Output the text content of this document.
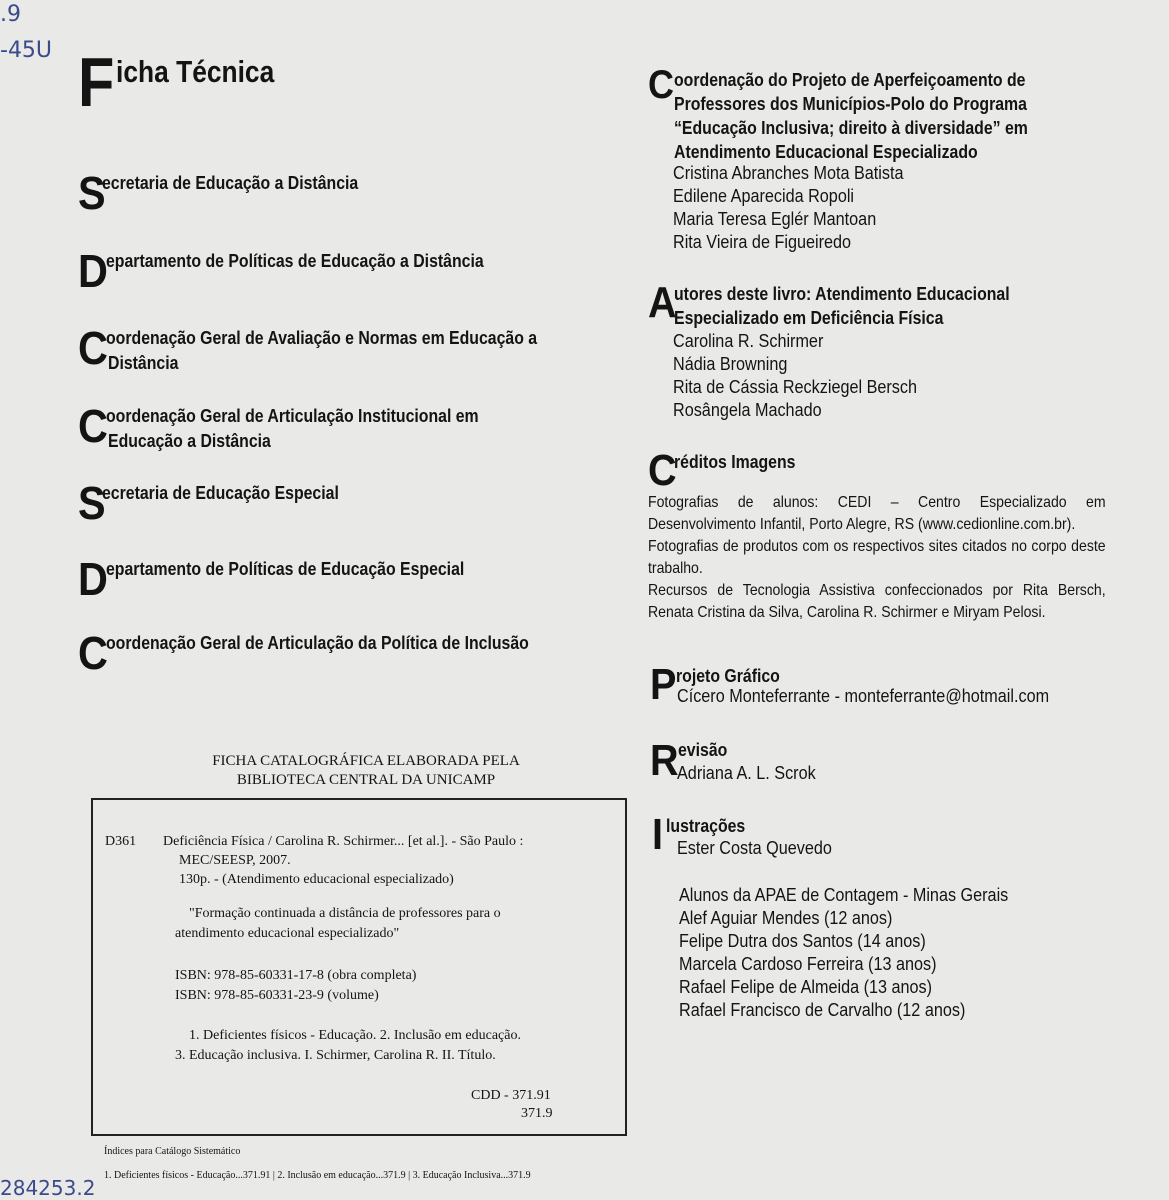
.9
-45U
284253.2
Ficha Técnica
S
ecretaria de Educação a Distância
D
epartamento de Políticas de Educação a Distância
C
oordenação Geral de Avaliação e Normas em Educação a
Distância
C
oordenação Geral de Articulação Institucional em
Educação a Distância
S
ecretaria de Educação Especial
D
epartamento de Políticas de Educação Especial
C
oordenação Geral de Articulação da Política de Inclusão
FICHA CATALOGRÁFICA ELABORADA PELA
BIBLIOTECA CENTRAL DA UNICAMP
D361 Deficiência Física / Carolina R. Schirmer... [et al.]. - São Paulo :
MEC/SEESP, 2007.
130p. - (Atendimento educacional especializado)
"Formação continuada a distância de professores para o
atendimento educacional especializado"
ISBN: 978-85-60331-17-8 (obra completa)
ISBN: 978-85-60331-23-9 (volume)
1. Deficientes físicos - Educação. 2. Inclusão em educação.
3. Educação inclusiva. I. Schirmer, Carolina R. II. Título.
CDD - 371.91
371.9
Índices para Catálogo Sistemático
1. Deficientes físicos - Educação...371.91 | 2. Inclusão em educação...371.9 | 3. Educação Inclusiva...371.9
C oordenação do Projeto de Aperfeiçoamento de
Professores dos Municípios-Polo do Programa
“Educação Inclusiva; direito à diversidade” em
Atendimento Educacional Especializado
Cristina Abranches Mota Batista
Edilene Aparecida Ropoli
Maria Teresa Eglér Mantoan
Rita Vieira de Figueiredo
A
utores deste livro: Atendimento Educacional
Especializado em Deficiência Física
Carolina R. Schirmer
Nádia Browning
Rita de Cássia Reckziegel Bersch
Rosângela Machado
C
réditos Imagens
Fotografias de alunos: CEDI – Centro Especializado em Desenvolvimento Infantil, Porto Alegre, RS (www.cedionline.com.br).
Fotografias de produtos com os respectivos sites citados no corpo deste trabalho.
Recursos de Tecnologia Assistiva confeccionados por Rita Bersch, Renata Cristina da Silva, Carolina R. Schirmer e Miryam Pelosi.
P rojeto Gráfico
Cícero Monteferrante - monteferrante@hotmail.com
R evisão
Adriana A. L. Scrok
I lustrações
Ester Costa Quevedo
Alunos da APAE de Contagem - Minas Gerais
Alef Aguiar Mendes (12 anos)
Felipe Dutra dos Santos (14 anos)
Marcela Cardoso Ferreira (13 anos)
Rafael Felipe de Almeida (13 anos)
Rafael Francisco de Carvalho (12 anos)
